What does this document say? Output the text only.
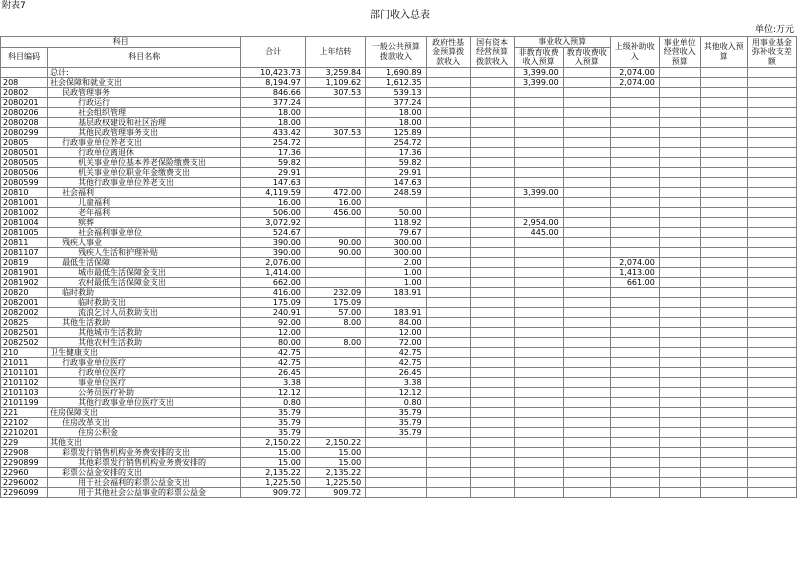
附表7
部门收入总表
单位:万元
科目		合计	上年结转	一般公共预算拨款收入	政府性基金预算拨款收入	国有资本经营预算拨款收入	事业收入预算		上级补助收入	事业单位经营收入预算	其他收入预算	用事业基金弥补收支差额
科目编码	科目名称						非教育收费收入预算	教育收费收入预算				

	总计:	10,423.73	3,259.84	1,690.89			3,399.00		2,074.00			
208	社会保障和就业支出	8,194.97	1,109.62	1,612.35			3,399.00		2,074.00			
20802	民政管理事务	846.66	307.53	539.13								
2080201	行政运行	377.24		377.24								
2080206	社会组织管理	18.00		18.00								
2080208	基层政权建设和社区治理	18.00		18.00								
2080299	其他民政管理事务支出	433.42	307.53	125.89								
20805	行政事业单位养老支出	254.72		254.72								
2080501	行政单位离退休	17.36		17.36								
2080505	机关事业单位基本养老保险缴费支出	59.82		59.82								
2080506	机关事业单位职业年金缴费支出	29.91		29.91								
2080599	其他行政事业单位养老支出	147.63		147.63								
20810	社会福利	4,119.59	472.00	248.59			3,399.00					
2081001	儿童福利	16.00	16.00									
2081002	老年福利	506.00	456.00	50.00								
2081004	殡葬	3,072.92		118.92			2,954.00					
2081005	社会福利事业单位	524.67		79.67			445.00					
20811	残疾人事业	390.00	90.00	300.00								
2081107	残疾人生活和护理补贴	390.00	90.00	300.00								
20819	最低生活保障	2,076.00		2.00					2,074.00			
2081901	城市最低生活保障金支出	1,414.00		1.00					1,413.00			
2081902	农村最低生活保障金支出	662.00		1.00					661.00			
20820	临时救助	416.00	232.09	183.91								
2082001	临时救助支出	175.09	175.09									
2082002	流浪乞讨人员救助支出	240.91	57.00	183.91								
20825	其他生活救助	92.00	8.00	84.00								
2082501	其他城市生活救助	12.00		12.00								
2082502	其他农村生活救助	80.00	8.00	72.00								
210	卫生健康支出	42.75		42.75								
21011	行政事业单位医疗	42.75		42.75								
2101101	行政单位医疗	26.45		26.45								
2101102	事业单位医疗	3.38		3.38								
2101103	公务员医疗补助	12.12		12.12								
2101199	其他行政事业单位医疗支出	0.80		0.80								
221	住房保障支出	35.79		35.79								
22102	住房改革支出	35.79		35.79								
2210201	住房公积金	35.79		35.79								
229	其他支出	2,150.22	2,150.22									
22908	彩票发行销售机构业务费安排的支出	15.00	15.00									
2290899	其他彩票发行销售机构业务费安排的	15.00	15.00									
22960	彩票公益金安排的支出	2,135.22	2,135.22									
2296002	用于社会福利的彩票公益金支出	1,225.50	1,225.50									
2296099	用于其他社会公益事业的彩票公益金	909.72	909.72									
